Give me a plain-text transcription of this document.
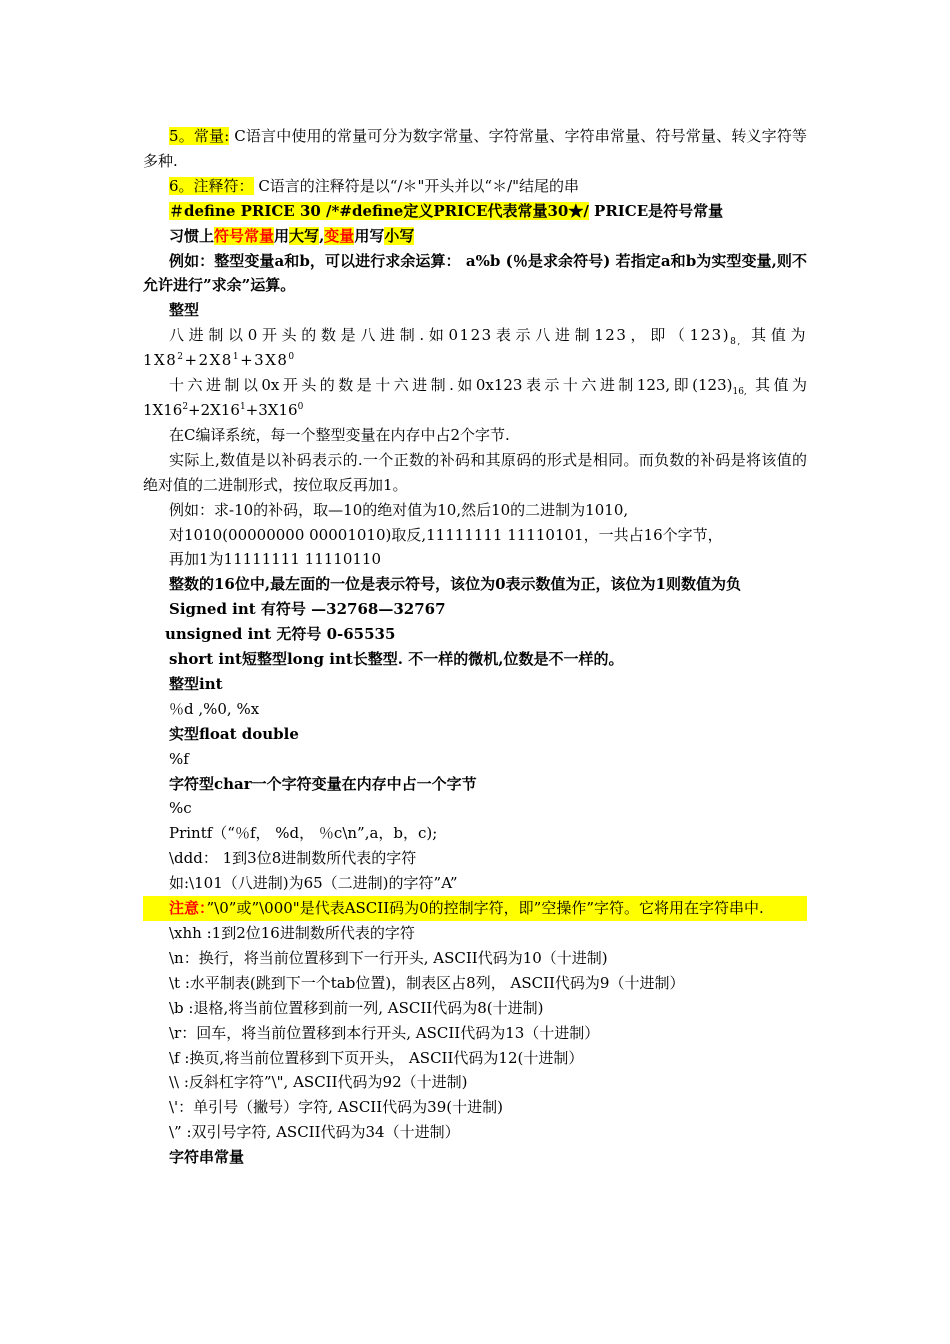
5。常量: C语言中使用的常量可分为数字常量、字符常量、字符串常量、符号常量、转义字符等多种.

6。注释符： C语言的注释符是以“/＊"开头并以“＊/"结尾的串

＃define PRICE 30 /*#define定义PRICE代表常量30★/ PRICE是符号常量

习惯上符号常量用大写,变量用写小写

例如：整型变量a和b，可以进行求余运算： a%b (％是求余符号) 若指定a和b为实型变量,则不允许进行”求余”运算。

整型

八进制以0开头的数是八进制.如0123表示八进制123，即$(123)_{8,}$ 其值为$1X8^2+2X8^1+3X8^0$

十六进制以0x开头的数是十六进制.如0x123表示十六进制123,即$(123)_{16,}$ 其值为$1X16^2+2X16^1+3X16^0$

在C编译系统，每一个整型变量在内存中占2个字节.

实际上,数值是以补码表示的.一个正数的补码和其原码的形式是相同。而负数的补码是将该值的绝对值的二进制形式，按位取反再加1。

例如：求-10的补码，取—10的绝对值为10,然后10的二进制为1010,

对1010(00000000 00001010)取反,11111111 11110101，一共占16个字节，

再加1为11111111 11110110

整数的16位中,最左面的一位是表示符号，该位为0表示数值为正，该位为1则数值为负

Signed int 有符号 —32768—32767

unsigned int 无符号 0-65535

short int短整型long int长整型. 不一样的微机,位数是不一样的。

整型int

％d ,%0, %x

实型float double

%f

字符型char一个字符变量在内存中占一个字节

%c

Printf（“％f， %d， ％c\n”,a，b，c);

\ddd： 1到3位8进制数所代表的字符

如:\101（八进制)为65（二进制)的字符”A”

注意：”\0”或”\000"是代表ASCII码为0的控制字符，即”空操作”字符。它将用在字符串中.

\xhh :1到2位16进制数所代表的字符

\n：换行，将当前位置移到下一行开头, ASCII代码为10（十进制)

\t :水平制表(跳到下一个tab位置)，制表区占8列， ASCII代码为9（十进制）

\b :退格,将当前位置移到前一列, ASCII代码为8(十进制)

\r：回车，将当前位置移到本行开头, ASCII代码为13（十进制）

\f :换页,将当前位置移到下页开头， ASCII代码为12(十进制）

\\ :反斜杠字符”\", ASCII代码为92（十进制)

\'：单引号（撇号）字符, ASCII代码为39(十进制)

\” :双引号字符, ASCII代码为34（十进制）

字符串常量
